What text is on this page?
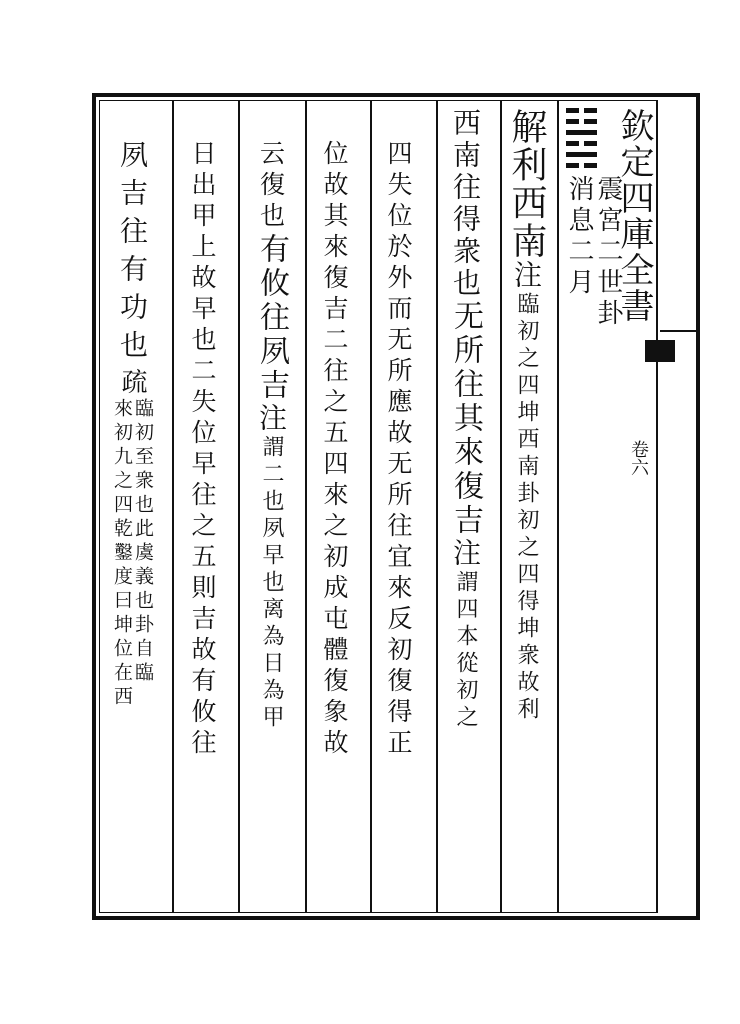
欽定四庫全書
卷六
震宮二世卦
消息二月
解利西南
注
臨初之四坤西南卦初之四得坤衆故利
西南往得衆也
无所往其來復吉
注
謂四本從初之
四失位於外而无所應故无所往宜來反初復得正
位故其來復吉二往之五四來之初成屯體復象故
云復也
有攸往夙吉
注
謂二也夙早也离為日為甲
日出甲上故早也二失位早往之五則吉故有攸往
夙吉往有功也
疏
臨初至衆也此虞義也卦自臨
來初九之四乾鑿度曰坤位在西
